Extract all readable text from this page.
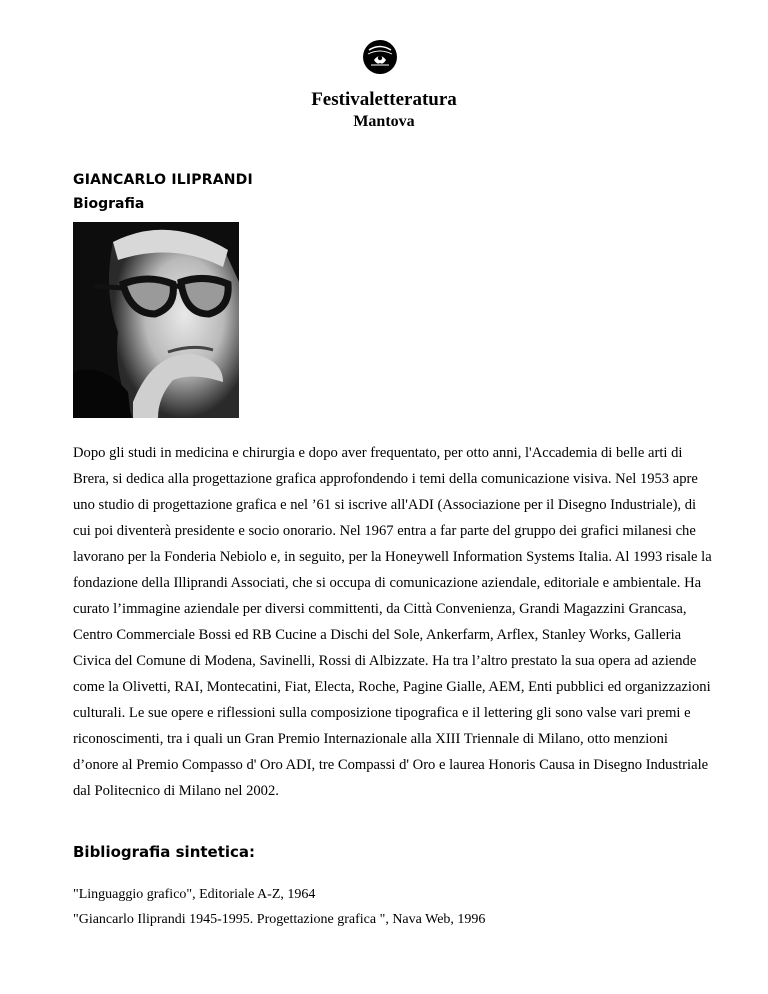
Festivaletteratura
Mantova
GIANCARLO ILIPRANDI
Biografia

Dopo gli studi in medicina e chirurgia e dopo aver frequentato, per otto anni, l'Accademia di belle arti di Brera, si dedica alla progettazione grafica approfondendo i temi della comunicazione visiva. Nel 1953 apre uno studio di progettazione grafica e nel ’61 si iscrive all'ADI (Associazione per il Disegno Industriale), di cui poi diventerà presidente e socio onorario. Nel 1967 entra a far parte del gruppo dei grafici milanesi che lavorano per la Fonderia Nebiolo e, in seguito, per la Honeywell Information Systems Italia. Al 1993 risale la fondazione della Illiprandi Associati, che si occupa di comunicazione aziendale, editoriale e ambientale. Ha curato l’immagine aziendale per diversi committenti, da Città Convenienza, Grandi Magazzini Grancasa, Centro Commerciale Bossi ed RB Cucine a Dischi del Sole, Ankerfarm, Arflex, Stanley Works, Galleria Civica del Comune di Modena, Savinelli, Rossi di Albizzate. Ha tra l’altro prestato la sua opera ad aziende come la Olivetti, RAI, Montecatini, Fiat, Electa, Roche, Pagine Gialle, AEM, Enti pubblici ed organizzazioni culturali. Le sue opere e riflessioni sulla composizione tipografica e il lettering gli sono valse vari premi e riconoscimenti, tra i quali un Gran Premio Internazionale alla XIII Triennale di Milano, otto menzioni d’onore al Premio Compasso d' Oro ADI, tre Compassi d' Oro e laurea Honoris Causa in Disegno Industriale dal Politecnico di Milano nel 2002.

Bibliografia sintetica:
"Linguaggio grafico", Editoriale A-Z, 1964
"Giancarlo Iliprandi 1945-1995. Progettazione grafica ", Nava Web, 1996
